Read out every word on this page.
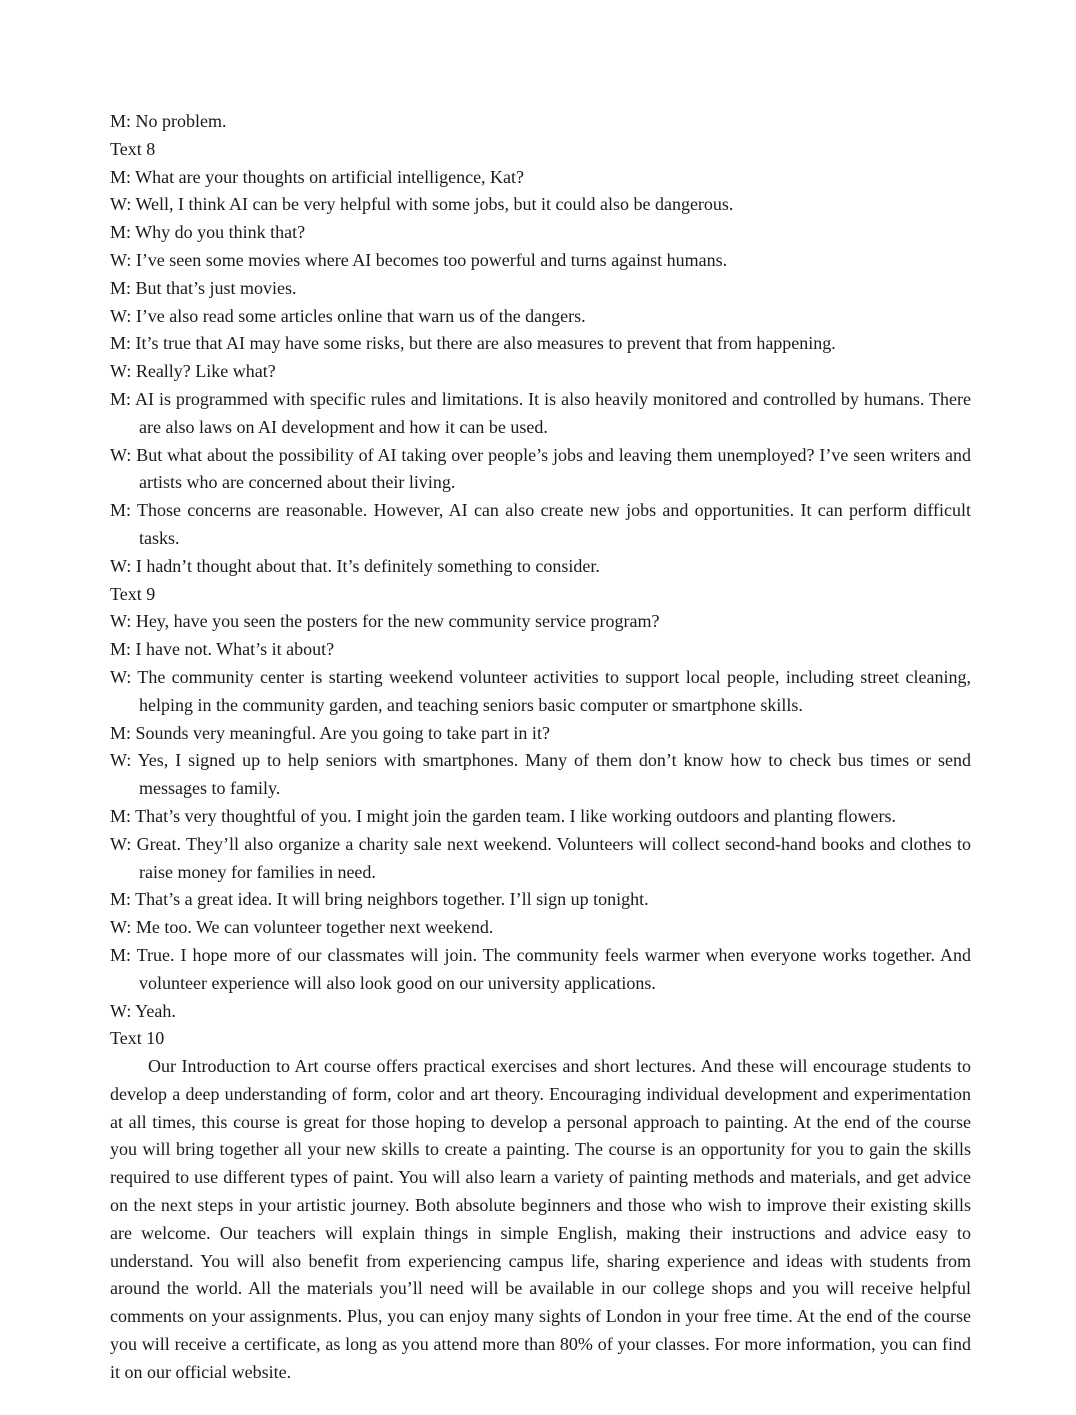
M: No problem.

Text 8

M: What are your thoughts on artificial intelligence, Kat?

W: Well, I think AI can be very helpful with some jobs, but it could also be dangerous.

M: Why do you think that?

W: I’ve seen some movies where AI becomes too powerful and turns against humans.

M: But that’s just movies.

W: I’ve also read some articles online that warn us of the dangers.

M: It’s true that AI may have some risks, but there are also measures to prevent that from happening.

W: Really? Like what?

M: AI is programmed with specific rules and limitations. It is also heavily monitored and controlled by humans. There are also laws on AI development and how it can be used.

W: But what about the possibility of AI taking over people’s jobs and leaving them unemployed? I’ve seen writers and artists who are concerned about their living.

M: Those concerns are reasonable. However, AI can also create new jobs and opportunities. It can perform difficult tasks.

W: I hadn’t thought about that. It’s definitely something to consider.

Text 9

W: Hey, have you seen the posters for the new community service program?

M: I have not. What’s it about?

W: The community center is starting weekend volunteer activities to support local people, including street cleaning, helping in the community garden, and teaching seniors basic computer or smartphone skills.

M: Sounds very meaningful. Are you going to take part in it?

W: Yes, I signed up to help seniors with smartphones. Many of them don’t know how to check bus times or send messages to family.

M: That’s very thoughtful of you. I might join the garden team. I like working outdoors and planting flowers.

W: Great. They’ll also organize a charity sale next weekend. Volunteers will collect second-hand books and clothes to raise money for families in need.

M: That’s a great idea. It will bring neighbors together. I’ll sign up tonight.

W: Me too. We can volunteer together next weekend.

M: True. I hope more of our classmates will join. The community feels warmer when everyone works together. And volunteer experience will also look good on our university applications.

W: Yeah.

Text 10

Our Introduction to Art course offers practical exercises and short lectures. And these will encourage students to develop a deep understanding of form, color and art theory. Encouraging individual development and experimentation at all times, this course is great for those hoping to develop a personal approach to painting. At the end of the course you will bring together all your new skills to create a painting. The course is an opportunity for you to gain the skills required to use different types of paint. You will also learn a variety of painting methods and materials, and get advice on the next steps in your artistic journey. Both absolute beginners and those who wish to improve their existing skills are welcome. Our teachers will explain things in simple English, making their instructions and advice easy to understand. You will also benefit from experiencing campus life, sharing experience and ideas with students from around the world. All the materials you’ll need will be available in our college shops and you will receive helpful comments on your assignments. Plus, you can enjoy many sights of London in your free time. At the end of the course you will receive a certificate, as long as you attend more than 80% of your classes. For more information, you can find it on our official website.
